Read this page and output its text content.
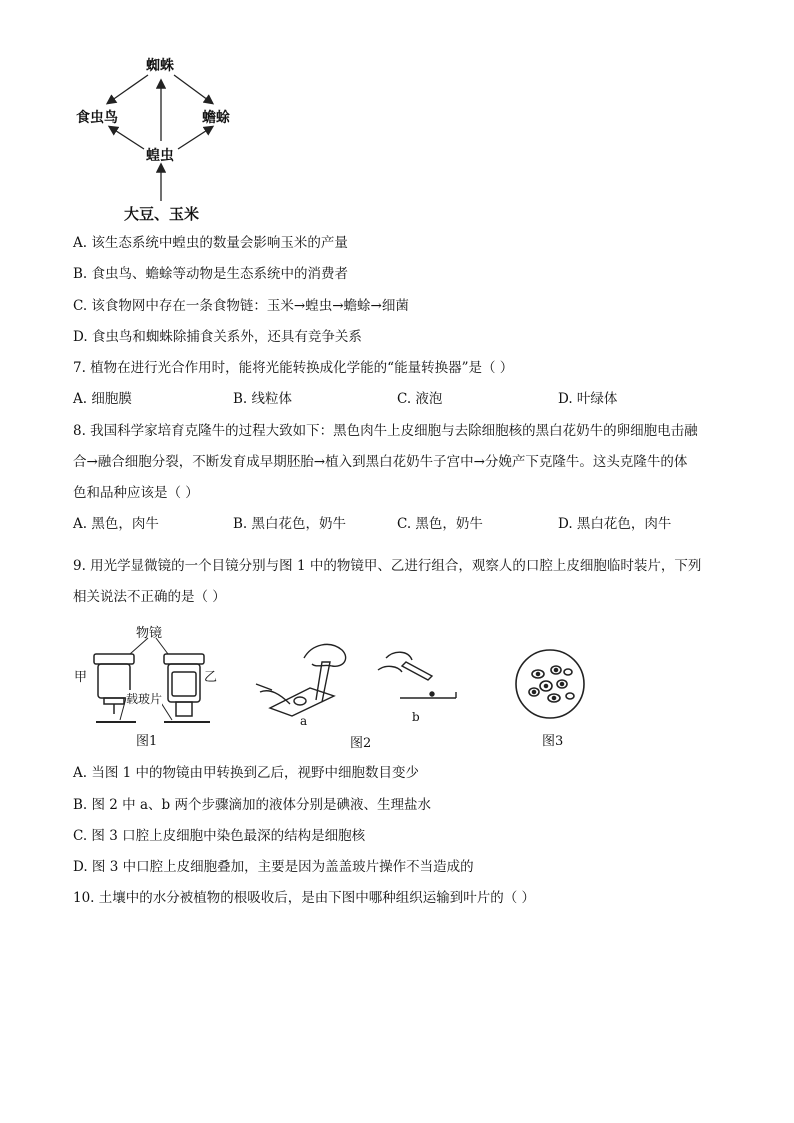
蜘蛛
食虫鸟	蟾蜍
蝗虫
大豆、玉米
A. 该生态系统中蝗虫的数量会影响玉米的产量
B. 食虫鸟、蟾蜍等动物是生态系统中的消费者
C. 该食物网中存在一条食物链：玉米→蝗虫→蟾蜍→细菌
D. 食虫鸟和蜘蛛除捕食关系外，还具有竞争关系
7. 植物在进行光合作用时，能将光能转换成化学能的“能量转换器”是（ ）
A. 细胞膜	B. 线粒体	C. 液泡	D. 叶绿体
8. 我国科学家培育克隆牛的过程大致如下：黑色肉牛上皮细胞与去除细胞核的黑白花奶牛的卵细胞电击融
合→融合细胞分裂，不断发育成早期胚胎→植入到黑白花奶牛子宫中→分娩产下克隆牛。这头克隆牛的体
色和品种应该是（ ）
A. 黑色，肉牛	B. 黑白花色，奶牛	C. 黑色，奶牛	D. 黑白花色，肉牛
9. 用光学显微镜的一个目镜分别与图 1 中的物镜甲、乙进行组合，观察人的口腔上皮细胞临时装片，下列
相关说法不正确的是（ ）
物镜
甲	乙
载玻片
a	b
图1	图2	图3
A. 当图 1 中的物镜由甲转换到乙后，视野中细胞数目变少
B. 图 2 中 a、b 两个步骤滴加的液体分别是碘液、生理盐水
C. 图 3 口腔上皮细胞中染色最深的结构是细胞核
D. 图 3 中口腔上皮细胞叠加，主要是因为盖盖玻片操作不当造成的
10. 土壤中的水分被植物的根吸收后，是由下图中哪种组织运输到叶片的（ ）
